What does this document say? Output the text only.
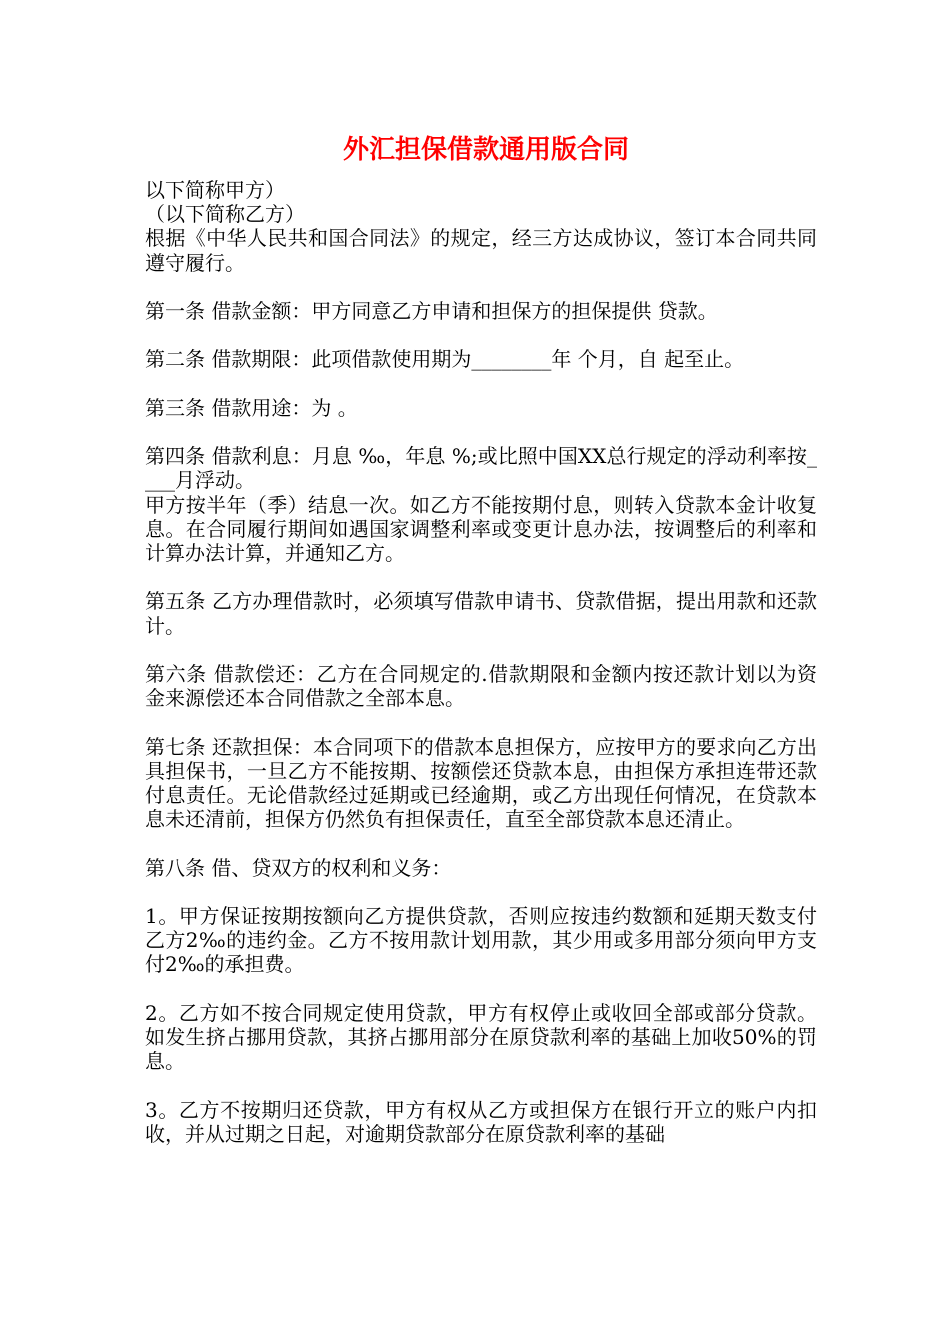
外汇担保借款通用版合同

以下简称甲方）

（以下简称乙方）

根据《中华人民共和国合同法》的规定，经三方达成协议，签订本合同共同遵守履行。

第一条 借款金额：甲方同意乙方申请和担保方的担保提供 贷款。

第二条 借款期限：此项借款使用期为________年 个月，自 起至止。

第三条 借款用途：为 。

第四条 借款利息：月息 ‰，年息 %;或比照中国XX总行规定的浮动利率按____月浮动。

甲方按半年（季）结息一次。如乙方不能按期付息，则转入贷款本金计收复息。在合同履行期间如遇国家调整利率或变更计息办法，按调整后的利率和计算办法计算，并通知乙方。

第五条 乙方办理借款时，必须填写借款申请书、贷款借据，提出用款和还款计。

第六条 借款偿还：乙方在合同规定的.借款期限和金额内按还款计划以为资金来源偿还本合同借款之全部本息。

第七条 还款担保：本合同项下的借款本息担保方，应按甲方的要求向乙方出具担保书，一旦乙方不能按期、按额偿还贷款本息，由担保方承担连带还款付息责任。无论借款经过延期或已经逾期，或乙方出现任何情况，在贷款本息未还清前，担保方仍然负有担保责任，直至全部贷款本息还清止。

第八条 借、贷双方的权利和义务：

1。甲方保证按期按额向乙方提供贷款，否则应按违约数额和延期天数支付乙方2‰的违约金。乙方不按用款计划用款，其少用或多用部分须向甲方支付2‰的承担费。

2。乙方如不按合同规定使用贷款，甲方有权停止或收回全部或部分贷款。如发生挤占挪用贷款，其挤占挪用部分在原贷款利率的基础上加收50%的罚息。

3。乙方不按期归还贷款，甲方有权从乙方或担保方在银行开立的账户内扣收，并从过期之日起，对逾期贷款部分在原贷款利率的基础
